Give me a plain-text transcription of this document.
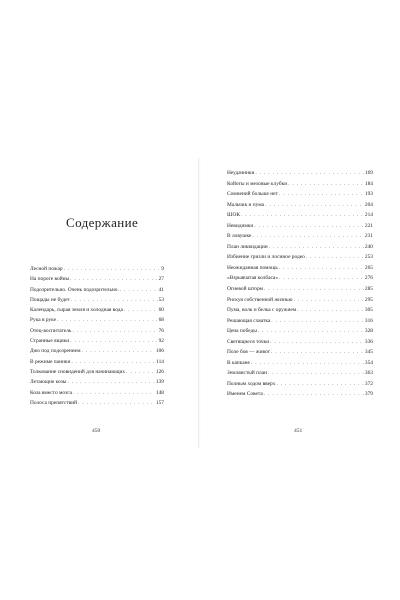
Содержание
Лесной пожар . . .	9
На пороге войны . . .	27
Подозрительно. Очень подозрительно. . . .	41
Пощады не будет . . .	53
Календарь, сырая земля и холодная вода . . .	60
Рука в руке . . .	68
Отец-воспитатель . . .	76
Странные ящики . . .	92
Джо под подозрением . . .	106
В режиме паники . . .	114
Толкование сновидений для начинающих . . .	126
Летающие козы . . .	139
Коза вместо мозга . . .	148
Полоса препятствий . . .	157
450
Неудачники . . .	169
Койоты и меховые клубки . . .	184
Сомнений больше нет . . .	193
Мальчик и пума . . .	204
ШОК . . .	214
Невидимки . . .	221
В ловушке . . .	231
План ликвидации . . .	240
Избиение гризли и лосиное родео . . .	253
Неожиданная помощь . . .	265
«Взрывчатая колбаса» . . .	276
Огневой шторм . . .	285
Рискуя собственной жизнью . . .	295
Пума, волк и белка с оружием . . .	305
Решающая схватка . . .	316
Цена победы . . .	328
Светящиеся точки . . .	336
Поле боя — живот . . .	345
В капкане . . .	354
Земляистый план . . .	363
Полным ходом вверх . . .	372
Именем Совета . . .	379
451
